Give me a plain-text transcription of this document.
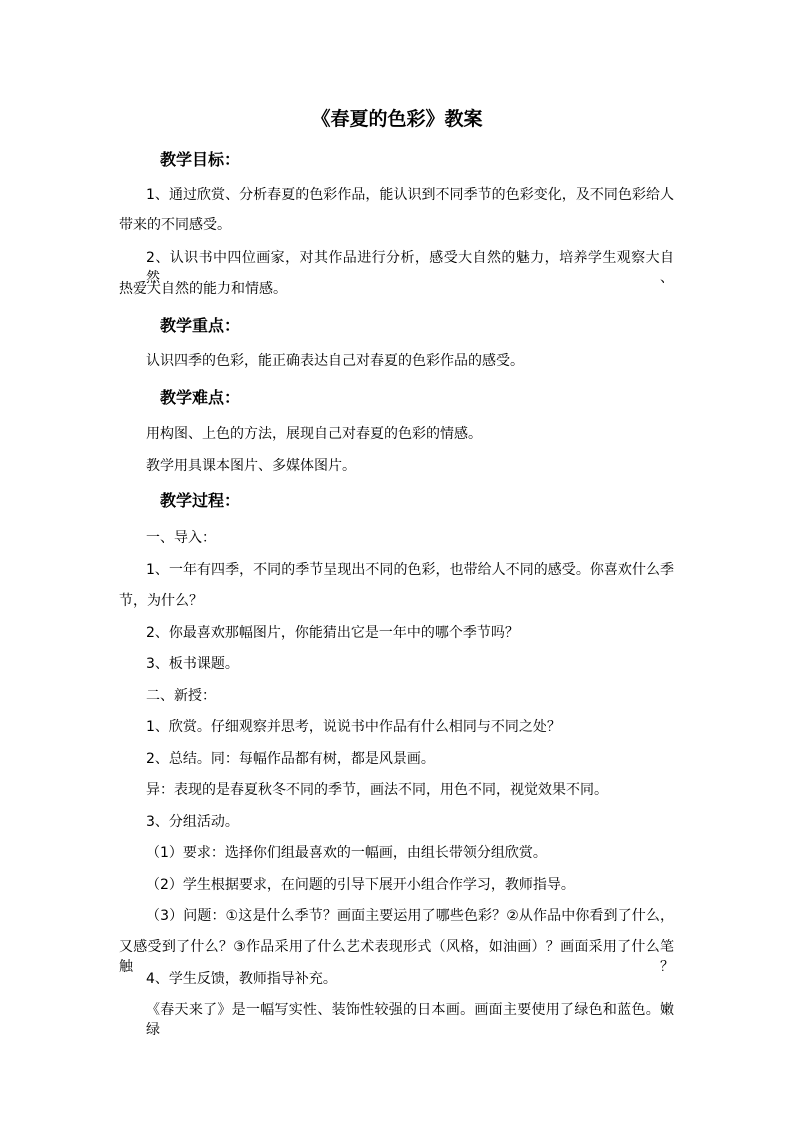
《春夏的色彩》教案
教学目标：
1、通过欣赏、分析春夏的色彩作品，能认识到不同季节的色彩变化，及不同色彩给人
带来的不同感受。
2、认识书中四位画家，对其作品进行分析，感受大自然的魅力，培养学生观察大自然、
热爱大自然的能力和情感。
教学重点：
认识四季的色彩，能正确表达自己对春夏的色彩作品的感受。
教学难点：
用构图、上色的方法，展现自己对春夏的色彩的情感。
教学用具课本图片、多媒体图片。
教学过程：
一、导入：
1、一年有四季，不同的季节呈现出不同的色彩，也带给人不同的感受。你喜欢什么季
节，为什么？
2、你最喜欢那幅图片，你能猜出它是一年中的哪个季节吗？
3、板书课题。
二、新授：
1、欣赏。仔细观察并思考，说说书中作品有什么相同与不同之处？
2、总结。同：每幅作品都有树，都是风景画。
异：表现的是春夏秋冬不同的季节，画法不同，用色不同，视觉效果不同。
3、分组活动。
（1）要求：选择你们组最喜欢的一幅画，由组长带领分组欣赏。
（2）学生根据要求，在问题的引导下展开小组合作学习，教师指导。
（3）问题：①这是什么季节？画面主要运用了哪些色彩？②从作品中你看到了什么，
又感受到了什么？③作品采用了什么艺术表现形式（风格，如油画）？画面采用了什么笔触？
4、学生反馈，教师指导补充。
《春天来了》是一幅写实性、装饰性较强的日本画。画面主要使用了绿色和蓝色。嫩绿
